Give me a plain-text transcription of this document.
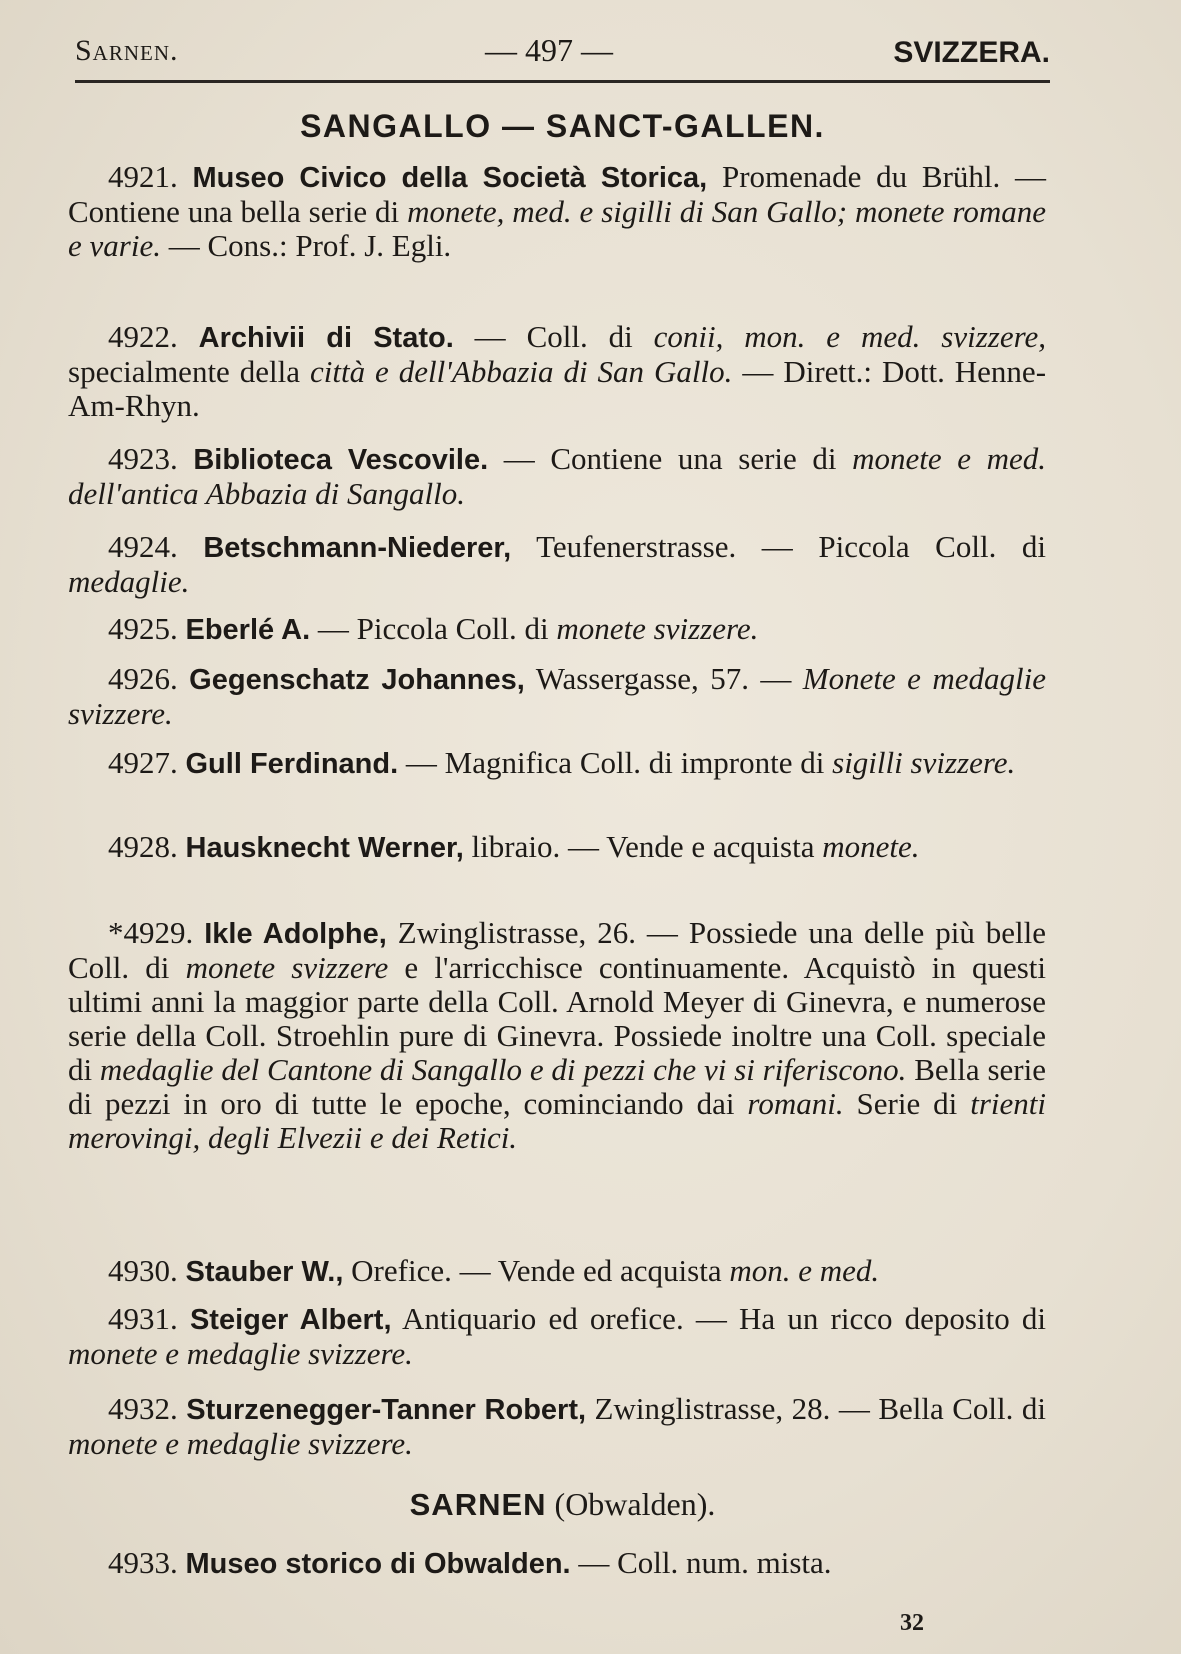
Sarnen.	— 497 —	SVIZZERA.
SANGALLO — SANCT-GALLEN.
4921. Museo Civico della Società Storica, Promenade du Brühl. — Contiene una bella serie di monete, med. e sigilli di San Gallo; monete romane e varie. — Cons.: Prof. J. Egli.
4922. Archivii di Stato. — Coll. di conii, mon. e med. svizzere, specialmente della città e dell'Abbazia di San Gallo. — Dirett.: Dott. Henne-Am-Rhyn.
4923. Biblioteca Vescovile. — Contiene una serie di monete e med. dell'antica Abbazia di Sangallo.
4924. Betschmann-Niederer, Teufenerstrasse. — Piccola Coll. di medaglie.
4925. Eberlé A. — Piccola Coll. di monete svizzere.
4926. Gegenschatz Johannes, Wassergasse, 57. — Monete e medaglie svizzere.
4927. Gull Ferdinand. — Magnifica Coll. di impronte di sigilli svizzere.
4928. Hausknecht Werner, libraio. — Vende e acquista monete.
*4929. Ikle Adolphe, Zwinglistrasse, 26. — Possiede una delle più belle Coll. di monete svizzere e l'arricchisce continuamente. Acquistò in questi ultimi anni la maggior parte della Coll. Arnold Meyer di Ginevra, e numerose serie della Coll. Stroehlin pure di Ginevra. Possiede inoltre una Coll. speciale di medaglie del Cantone di Sangallo e di pezzi che vi si riferiscono. Bella serie di pezzi in oro di tutte le epoche, cominciando dai romani. Serie di trienti merovingi, degli Elvezii e dei Retici.
4930. Stauber W., Orefice. — Vende ed acquista mon. e med.
4931. Steiger Albert, Antiquario ed orefice. — Ha un ricco deposito di monete e medaglie svizzere.
4932. Sturzenegger-Tanner Robert, Zwinglistrasse, 28. — Bella Coll. di monete e medaglie svizzere.
SARNEN (Obwalden).
4933. Museo storico di Obwalden. — Coll. num. mista.
32
